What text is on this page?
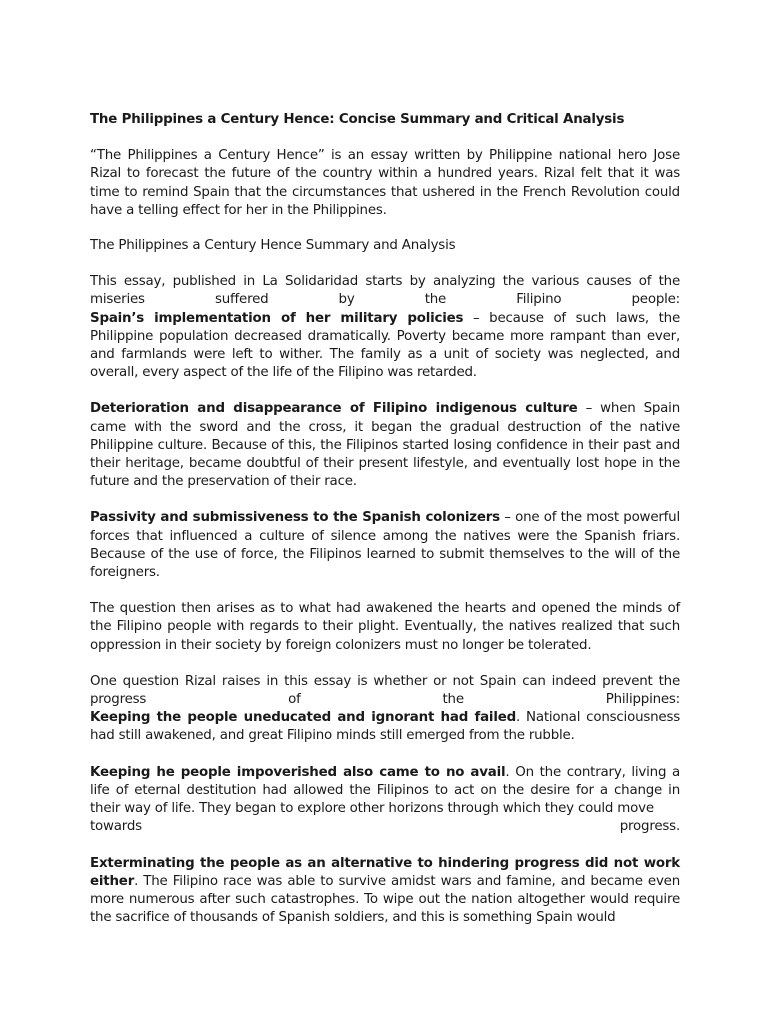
The Philippines a Century Hence: Concise Summary and Critical Analysis
“The Philippines a Century Hence” is an essay written by Philippine national hero Jose Rizal to forecast the future of the country within a hundred years. Rizal felt that it was time to remind Spain that the circumstances that ushered in the French Revolution could have a telling effect for her in the Philippines.
The Philippines a Century Hence Summary and Analysis
This essay, published in La Solidaridad starts by analyzing the various causes of the
miseries suffered by the Filipino people:
Spain’s implementation of her military policies – because of such laws, the Philippine population decreased dramatically. Poverty became more rampant than ever, and farmlands were left to wither. The family as a unit of society was neglected, and overall, every aspect of the life of the Filipino was retarded.
Deterioration and disappearance of Filipino indigenous culture – when Spain came with the sword and the cross, it began the gradual destruction of the native Philippine culture. Because of this, the Filipinos started losing confidence in their past and their heritage, became doubtful of their present lifestyle, and eventually lost hope in the future and the preservation of their race.
Passivity and submissiveness to the Spanish colonizers – one of the most powerful forces that influenced a culture of silence among the natives were the Spanish friars. Because of the use of force, the Filipinos learned to submit themselves to the will of the foreigners.
The question then arises as to what had awakened the hearts and opened the minds of the Filipino people with regards to their plight. Eventually, the natives realized that such oppression in their society by foreign colonizers must no longer be tolerated.
One question Rizal raises in this essay is whether or not Spain can indeed prevent the
progress of the Philippines:
Keeping the people uneducated and ignorant had failed. National consciousness had still awakened, and great Filipino minds still emerged from the rubble.
Keeping he people impoverished also came to no avail. On the contrary, living a life of eternal destitution had allowed the Filipinos to act on the desire for a change in their way of life. They began to explore other horizons through which they could move
towards progress.
Exterminating the people as an alternative to hindering progress did not work either. The Filipino race was able to survive amidst wars and famine, and became even more numerous after such catastrophes. To wipe out the nation altogether would require the sacrifice of thousands of Spanish soldiers, and this is something Spain would
